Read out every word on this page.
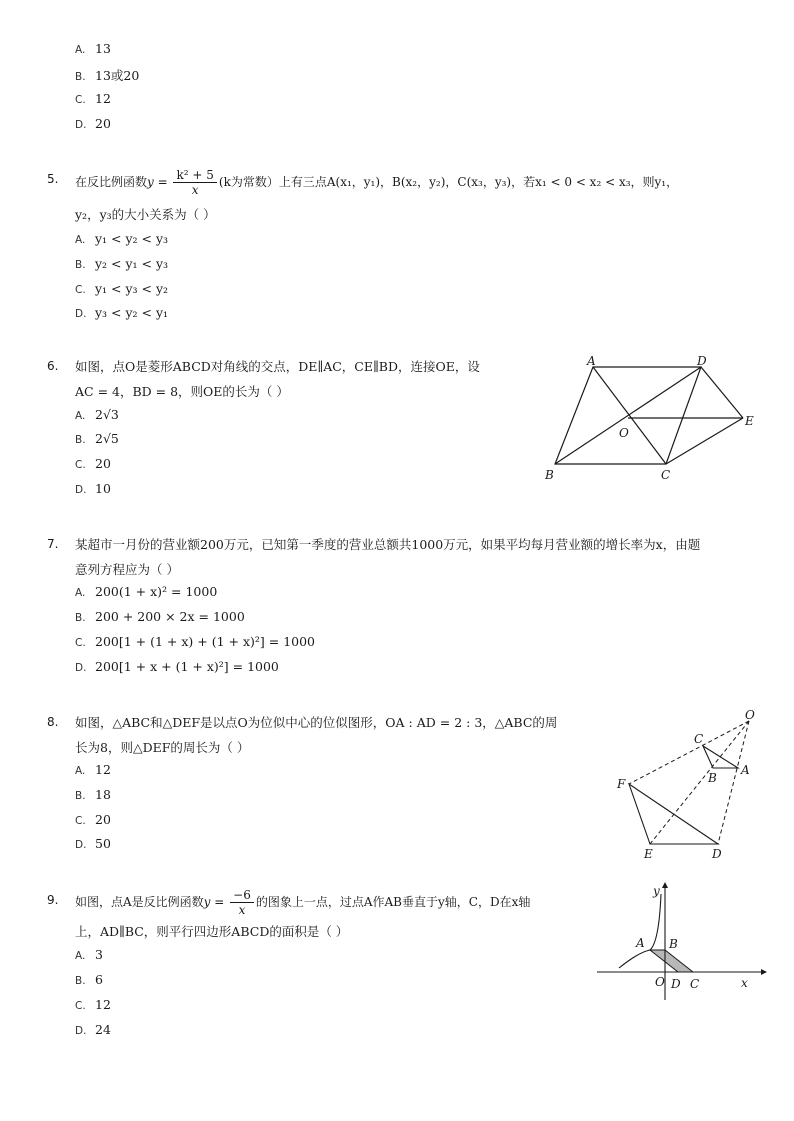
A. 13
B. 13或20
C. 12
D. 20
5. 在反比例函数$y = \frac{\text{k² + 5}}{x} (k$为常数）上有三点A(x₁，y₁)，B(x₂，y₂)，C(x₃，y₃)，若x₁ < 0 < x₂ < x₃，则y₁，
y₂，y₃的大小关系为（ ）
A. y₁ < y₂ < y₃
B. y₂ < y₁ < y₃
C. y₁ < y₃ < y₂
D. y₃ < y₂ < y₁
6. 如图，点O是菱形ABCD对角线的交点，DE∥AC，CE∥BD，连接OE，设
AC = 4，BD = 8，则OE的长为（ ）
A. 2√3
B. 2√5
C. 20
D. 10
A	D
E
O
B	C
7. 某超市一月份的营业额200万元，已知第一季度的营业总额共1000万元，如果平均每月营业额的增长率为x，由题
意列方程应为（ ）
A. 200(1 + x)² = 1000
B. 200 + 200 × 2x = 1000
C. 200[1 + (1 + x) + (1 + x)²] = 1000
D. 200[1 + x + (1 + x)²] = 1000
8. 如图，△ABC和△DEF是以点O为位似中心的位似图形，OA : AD = 2 : 3，△ABC的周
长为8，则△DEF的周长为（ ）
A. 12
B. 18
C. 20
D. 50
O
C
B
A
F
E	D
9. 如图，点A是反比例函数$y = \frac{-6}{x}$ 的图象上一点，过点A作AB垂直于y轴，C，D在x轴
上，AD∥BC，则平行四边形ABCD的面积是（ ）
A. 3
B. 6
C. 12
D. 24
y
x
A B
O D C
